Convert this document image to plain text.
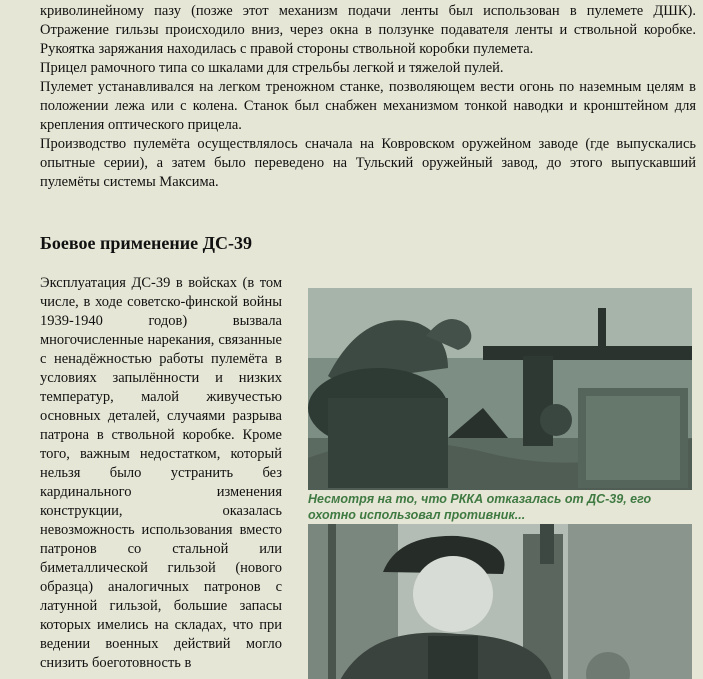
криволинейному пазу (позже этот механизм подачи ленты был использован в пулемете ДШК). Отражение гильзы происходило вниз, через окна в ползунке подавателя ленты и ствольной коробке. Рукоятка заряжания находилась с правой стороны ствольной коробки пулемета.

Прицел рамочного типа со шкалами для стрельбы легкой и тяжелой пулей.

Пулемет устанавливался на легком треножном станке, позволяющем вести огонь по наземным целям в положении лежа или с колена. Станок был снабжен механизмом тонкой наводки и кронштейном для крепления оптического прицела.

Производство пулемёта осуществлялось сначала на Ковровском оружейном заводе (где выпускались опытные серии), а затем было переведено на Тульский оружейный завод, до этого выпускавший пулемёты системы Максима.

Боевое применение ДС-39

Эксплуатация ДС-39 в войсках (в том числе, в ходе советско-финской войны 1939-1940 годов) вызвала многочисленные нарекания, связанные с ненадёжностью работы пулемёта в условиях запылённости и низких температур, малой живучестью основных деталей, случаями разрыва патрона в ствольной коробке. Кроме того, важным недостатком, который нельзя было устранить без кардинального изменения конструкции, оказалась невозможность использования вместо патронов со стальной или биметаллической гильзой (нового образца) аналогичных патронов с латунной гильзой, большие запасы которых имелись на складах, что при ведении военных действий могло снизить боеготовность в

Несмотря на то, что РККА отказалась от ДС-39, его охотно использовал противник...
